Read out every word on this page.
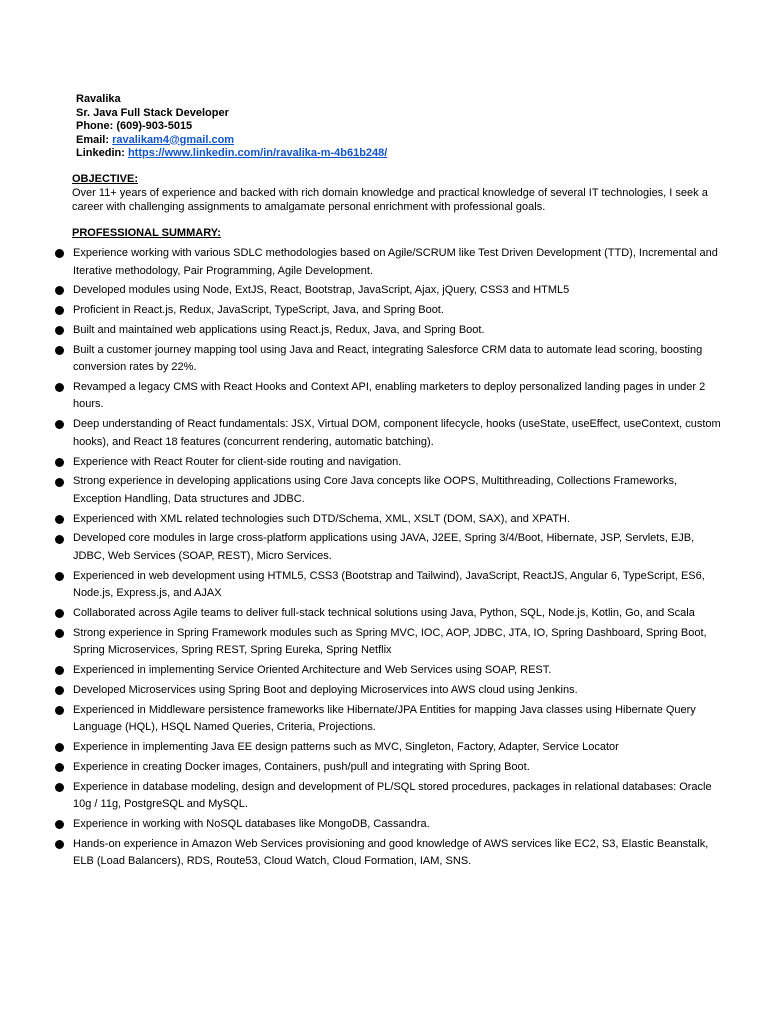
Ravalika
Sr. Java Full Stack Developer
Phone: (609)-903-5015
Email: ravalikam4@gmail.com
Linkedin: https://www.linkedin.com/in/ravalika-m-4b61b248/
OBJECTIVE:
Over 11+ years of experience and backed with rich domain knowledge and practical knowledge of several IT technologies, I seek a career with challenging assignments to amalgamate personal enrichment with professional goals.
PROFESSIONAL SUMMARY:
Experience working with various SDLC methodologies based on Agile/SCRUM like Test Driven Development (TTD), Incremental and Iterative methodology, Pair Programming, Agile Development.
Developed modules using Node, ExtJS, React, Bootstrap, JavaScript, Ajax, jQuery, CSS3 and HTML5
Proficient in React.js, Redux, JavaScript, TypeScript, Java, and Spring Boot.
Built and maintained web applications using React.js, Redux, Java, and Spring Boot.
Built a customer journey mapping tool using Java and React, integrating Salesforce CRM data to automate lead scoring, boosting conversion rates by 22%.
Revamped a legacy CMS with React Hooks and Context API, enabling marketers to deploy personalized landing pages in under 2 hours.
Deep understanding of React fundamentals: JSX, Virtual DOM, component lifecycle, hooks (useState, useEffect, useContext, custom hooks), and React 18 features (concurrent rendering, automatic batching).
Experience with React Router for client-side routing and navigation.
Strong experience in developing applications using Core Java concepts like OOPS, Multithreading, Collections Frameworks, Exception Handling, Data structures and JDBC.
Experienced with XML related technologies such DTD/Schema, XML, XSLT (DOM, SAX), and XPATH.
Developed core modules in large cross-platform applications using JAVA, J2EE, Spring 3/4/Boot, Hibernate, JSP, Servlets, EJB, JDBC, Web Services (SOAP, REST), Micro Services.
Experienced in web development using HTML5, CSS3 (Bootstrap and Tailwind), JavaScript, ReactJS, Angular 6, TypeScript, ES6, Node.js, Express.js, and AJAX
Collaborated across Agile teams to deliver full-stack technical solutions using Java, Python, SQL, Node.js, Kotlin, Go, and Scala
Strong experience in Spring Framework modules such as Spring MVC, IOC, AOP, JDBC, JTA, IO, Spring Dashboard, Spring Boot, Spring Microservices, Spring REST, Spring Eureka, Spring Netflix
Experienced in implementing Service Oriented Architecture and Web Services using SOAP, REST.
Developed Microservices using Spring Boot and deploying Microservices into AWS cloud using Jenkins.
Experienced in Middleware persistence frameworks like Hibernate/JPA Entities for mapping Java classes using Hibernate Query Language (HQL), HSQL Named Queries, Criteria, Projections.
Experience in implementing Java EE design patterns such as MVC, Singleton, Factory, Adapter, Service Locator
Experience in creating Docker images, Containers, push/pull and integrating with Spring Boot.
Experience in database modeling, design and development of PL/SQL stored procedures, packages in relational databases: Oracle 10g / 11g, PostgreSQL and MySQL.
Experience in working with NoSQL databases like MongoDB, Cassandra.
Hands-on experience in Amazon Web Services provisioning and good knowledge of AWS services like EC2, S3, Elastic Beanstalk, ELB (Load Balancers), RDS, Route53, Cloud Watch, Cloud Formation, IAM, SNS.
